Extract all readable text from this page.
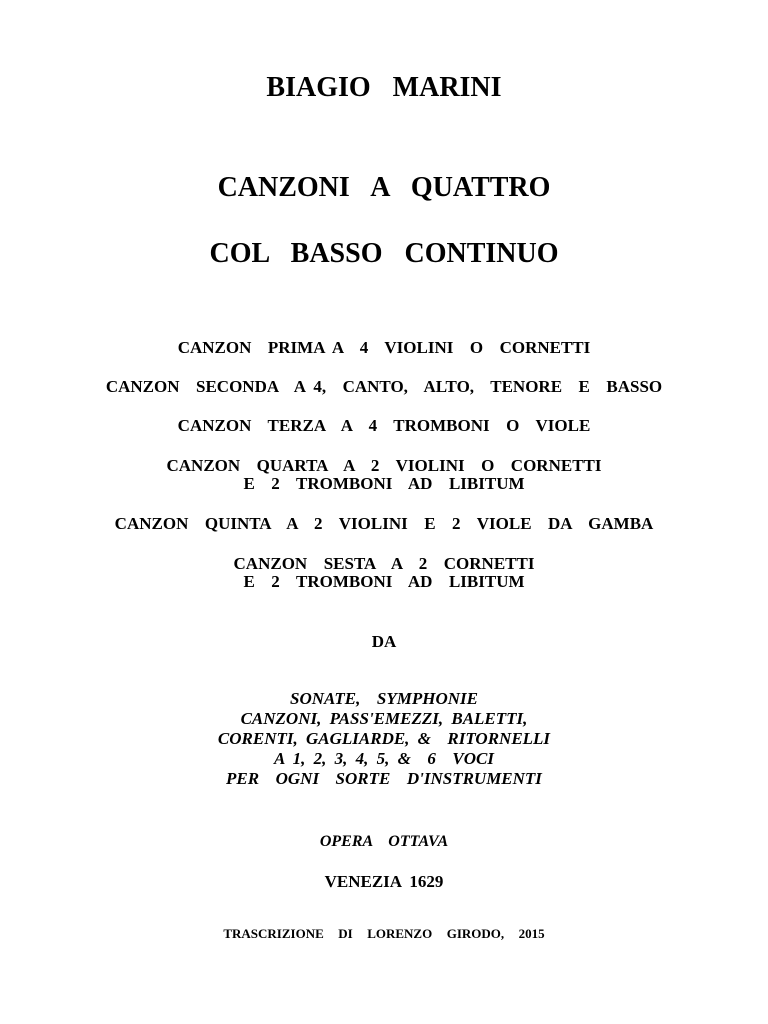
BIAGIO  MARINI
CANZONI  A  QUATTRO
COL  BASSO  CONTINUO
CANZON  PRIMA A  4  VIOLINI  O  CORNETTI
CANZON  SECONDA  A 4,  CANTO,  ALTO,  TENORE  E  BASSO
CANZON  TERZA  A  4  TROMBONI  O  VIOLE
CANZON  QUARTA  A  2  VIOLINI  O  CORNETTI
E  2  TROMBONI  AD  LIBITUM
CANZON  QUINTA  A  2  VIOLINI  E  2  VIOLE  DA  GAMBA
CANZON  SESTA  A  2  CORNETTI
E  2  TROMBONI  AD  LIBITUM
DA
SONATE,  SYMPHONIE
CANZONI, PASS'EMEZZI, BALETTI,
CORENTI, GAGLIARDE, &  RITORNELLI
A 1, 2, 3, 4, 5, &  6  VOCI
PER  OGNI  SORTE  D'INSTRUMENTI
OPERA  OTTAVA
VENEZIA 1629
TRASCRIZIONE  DI  LORENZO  GIRODO,  2015
